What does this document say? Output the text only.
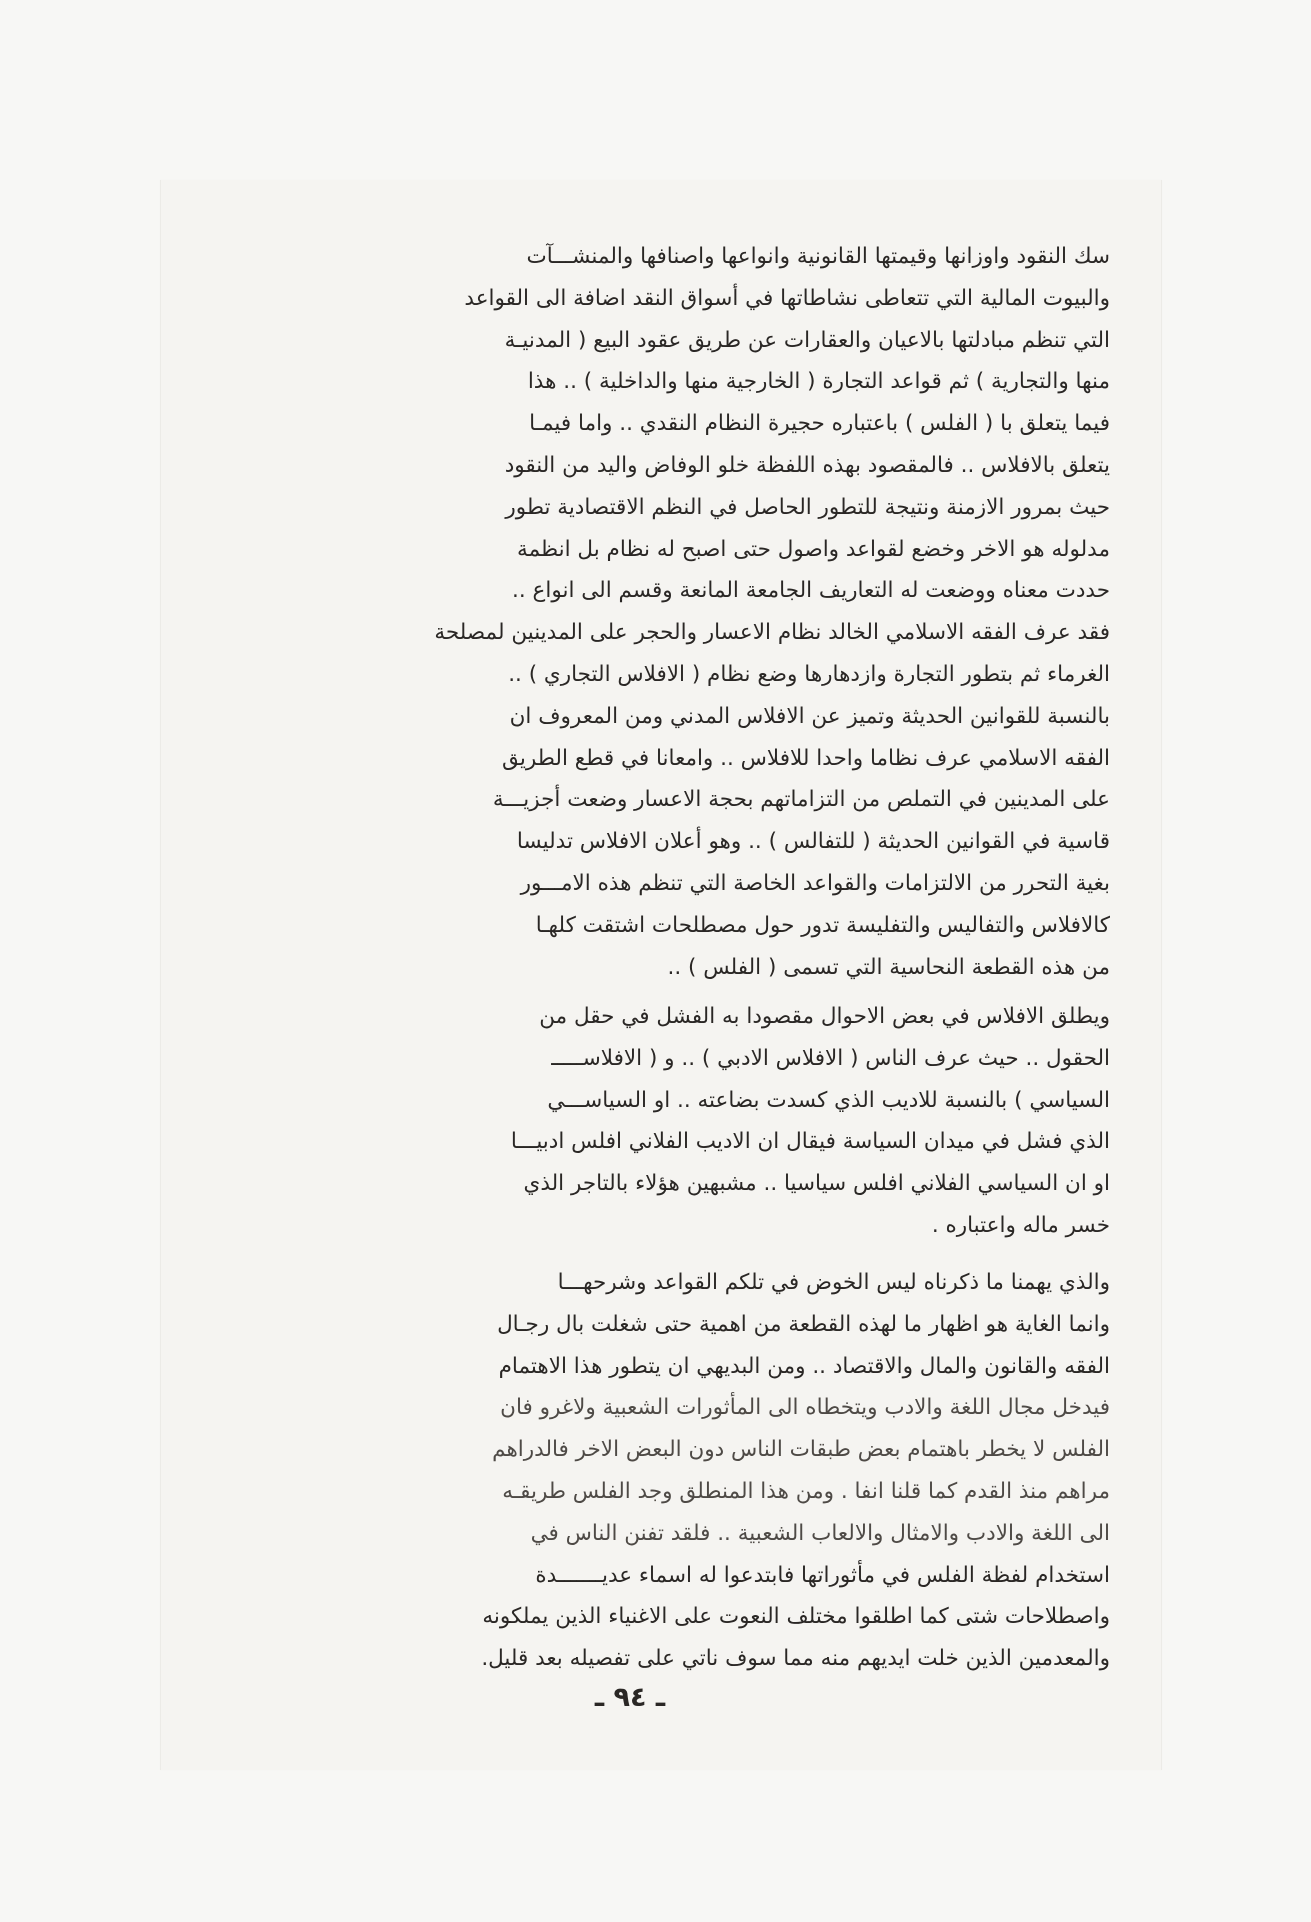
سك النقود واوزانها وقيمتها القانونية وانواعها واصنافها والمنشـــآت
والبيوت المالية التي تتعاطى نشاطاتها في أسواق النقد اضافة الى القواعد
التي تنظم مبادلتها بالاعيان والعقارات عن طريق عقود البيع ( المدنيـة
منها والتجارية ) ثم قواعد التجارة ( الخارجية منها والداخلية ) .. هذا
فيما يتعلق با ( الفلس ) باعتباره حجيرة النظام النقدي .. واما فيمـا
يتعلق بالافلاس .. فالمقصود بهذه اللفظة خلو الوفاض واليد من النقود
حيث بمرور الازمنة ونتيجة للتطور الحاصل في النظم الاقتصادية تطور
مدلوله هو الاخر وخضع لقواعد واصول حتى اصبح له نظام بل انظمة
حددت معناه ووضعت له التعاريف الجامعة المانعة وقسم الى انواع ..
فقد عرف الفقه الاسلامي الخالد نظام الاعسار والحجر على المدينين لمصلحة
الغرماء ثم بتطور التجارة وازدهارها وضع نظام ( الافلاس التجاري ) ..
بالنسبة للقوانين الحديثة وتميز عن الافلاس المدني ومن المعروف ان
الفقه الاسلامي عرف نظاما واحدا للافلاس .. وامعانا في قطع الطريق
على المدينين في التملص من التزاماتهم بحجة الاعسار وضعت أجزيـــة
قاسية في القوانين الحديثة ( للتفالس ) .. وهو أعلان الافلاس تدليسا
بغية التحرر من الالتزامات والقواعد الخاصة التي تنظم هذه الامـــور
كالافلاس والتفاليس والتفليسة تدور حول مصطلحات اشتقت كلهـا
من هذه القطعة النحاسية التي تسمى ( الفلس ) ..
ويطلق الافلاس في بعض الاحوال مقصودا به الفشل في حقل من
الحقول .. حيث عرف الناس ( الافلاس الادبي ) .. و ( الافلاســـــ
السياسي ) بالنسبة للاديب الذي كسدت بضاعته .. او السياســـي
الذي فشل في ميدان السياسة فيقال ان الاديب الفلاني افلس ادبيـــا
او ان السياسي الفلاني افلس سياسيا .. مشبهين هؤلاء بالتاجر الذي
خسر ماله واعتباره .
والذي يهمنا ما ذكرناه ليس الخوض في تلكم القواعد وشرحهـــا
وانما الغاية هو اظهار ما لهذه القطعة من اهمية حتى شغلت بال رجـال
الفقه والقانون والمال والاقتصاد .. ومن البديهي ان يتطور هذا الاهتمام
فيدخل مجال اللغة والادب ويتخطاه الى المأثورات الشعبية ولاغرو فان
الفلس لا يخطر باهتمام بعض طبقات الناس دون البعض الاخر فالدراهم
مراهم منذ القدم كما قلنا انفا . ومن هذا المنطلق وجد الفلس طريقـه
الى اللغة والادب والامثال والالعاب الشعبية .. فلقد تفنن الناس في
استخدام لفظة الفلس في مأثوراتها فابتدعوا له اسماء عديـــــــدة
واصطلاحات شتى كما اطلقوا مختلف النعوت على الاغنياء الذين يملكونه
والمعدمين الذين خلت ايديهم منه مما سوف ناتي على تفصيله بعد قليل.
ـ ٩٤ ـ
